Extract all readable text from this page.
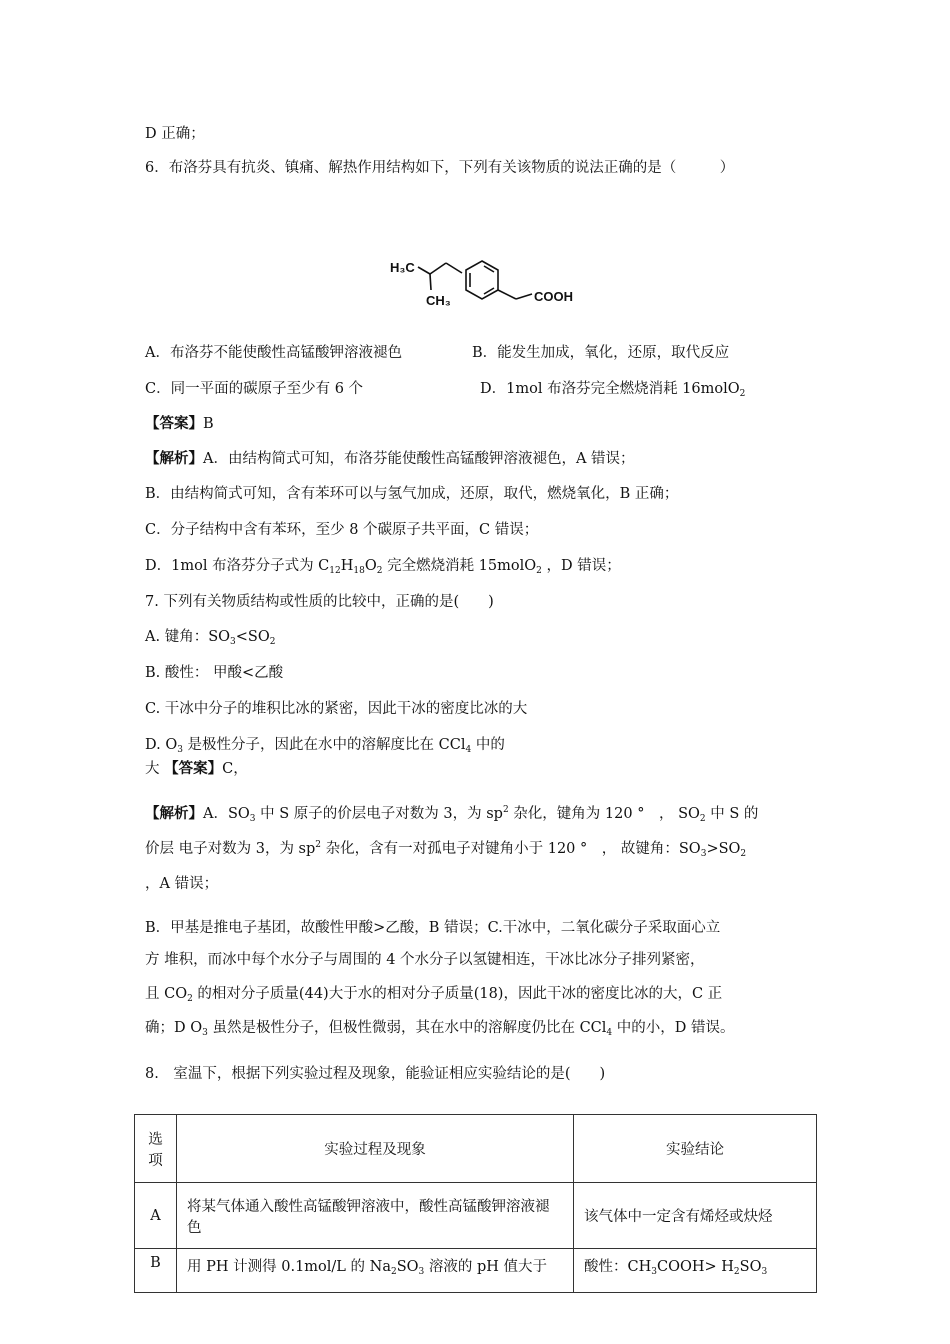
D 正确；
6．布洛芬具有抗炎、镇痛、解热作用结构如下，下列有关该物质的说法正确的是（　　　）
H₃C
CH₃	COOH
A．布洛芬不能使酸性高锰酸钾溶液褪色	B．能发生加成，氧化，还原，取代反应
C．同一平面的碳原子至少有 6 个	D．1mol 布洛芬完全燃烧消耗 16molO$_2$
【答案】B
【解析】A．由结构简式可知，布洛芬能使酸性高锰酸钾溶液褪色，A 错误；
B．由结构简式可知，含有苯环可以与氢气加成，还原，取代，燃烧氧化，B 正确；
C．分子结构中含有苯环，至少 8 个碳原子共平面，C 错误；
D．1mol 布洛芬分子式为 $C_{12}H_{18}O_2$ 完全燃烧消耗 15molO$_2$ ，D 错误；
7. 下列有关物质结构或性质的比较中，正确的是(　　)
A. 键角：$SO_3<SO_2$
B. 酸性： 甲酸<乙酸
C. 干冰中分子的堆积比冰的紧密，因此干冰的密度比冰的大
D. $O_3$ 是极性分子，因此在水中的溶解度比在 CCl$_4$ 中的
大 【答案】C，
【解析】A．$SO_3$ 中 S 原子的价层电子对数为 3，为 $sp^2$ 杂化，键角为 120 °　， $SO_2$ 中 S 的
价层 电子对数为 3，为 $sp^2$ 杂化，含有一对孤电子对键角小于 120 °　， 故键角：$SO_3>SO_2$
，A 错误；
B．甲基是推电子基团，故酸性甲酸>乙酸，B 错误；C.干冰中，二氧化碳分子采取面心立
方 堆积，而冰中每个水分子与周围的 4 个水分子以氢键相连，干冰比冰分子排列紧密，
且 $CO_2$ 的相对分子质量(44)大于水的相对分子质量(18)，因此干冰的密度比冰的大，C 正
确；D $O_3$ 虽然是极性分子，但极性微弱，其在水中的溶解度仍比在 CCl$_4$ 中的小，D 错误。
8.　室温下，根据下列实验过程及现象，能验证相应实验结论的是(　　)
选项	实验过程及现象	实验结论
A	将某气体通入酸性高锰酸钾溶液中，酸性高锰酸钾溶液褪色	该气体中一定含有烯烃或炔烃
B	用 PH 计测得 0.1mol/L 的 $Na_2SO_3$ 溶液的 pH 值大于	酸性：$CH_3COOH> H_2SO_3$
